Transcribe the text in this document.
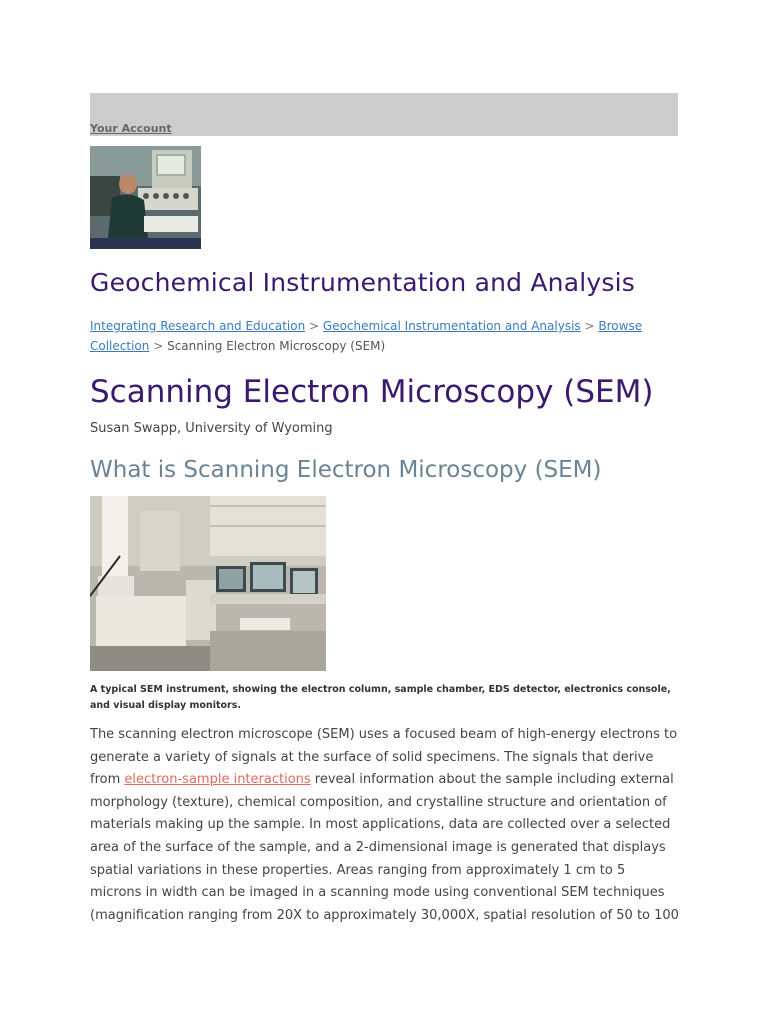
Your Account
Geochemical Instrumentation and Analysis
Integrating Research and Education > Geochemical Instrumentation and Analysis > Browse Collection > Scanning Electron Microscopy (SEM)
Scanning Electron Microscopy (SEM)
Susan Swapp, University of Wyoming
What is Scanning Electron Microscopy (SEM)
A typical SEM instrument, showing the electron column, sample chamber, EDS detector, electronics console, and visual display monitors.

The scanning electron microscope (SEM) uses a focused beam of high-energy electrons to generate a variety of signals at the surface of solid specimens. The signals that derive from electron-sample interactions reveal information about the sample including external morphology (texture), chemical composition, and crystalline structure and orientation of materials making up the sample. In most applications, data are collected over a selected area of the surface of the sample, and a 2-dimensional image is generated that displays spatial variations in these properties. Areas ranging from approximately 1 cm to 5 microns in width can be imaged in a scanning mode using conventional SEM techniques (magnification ranging from 20X to approximately 30,000X, spatial resolution of 50 to 100
